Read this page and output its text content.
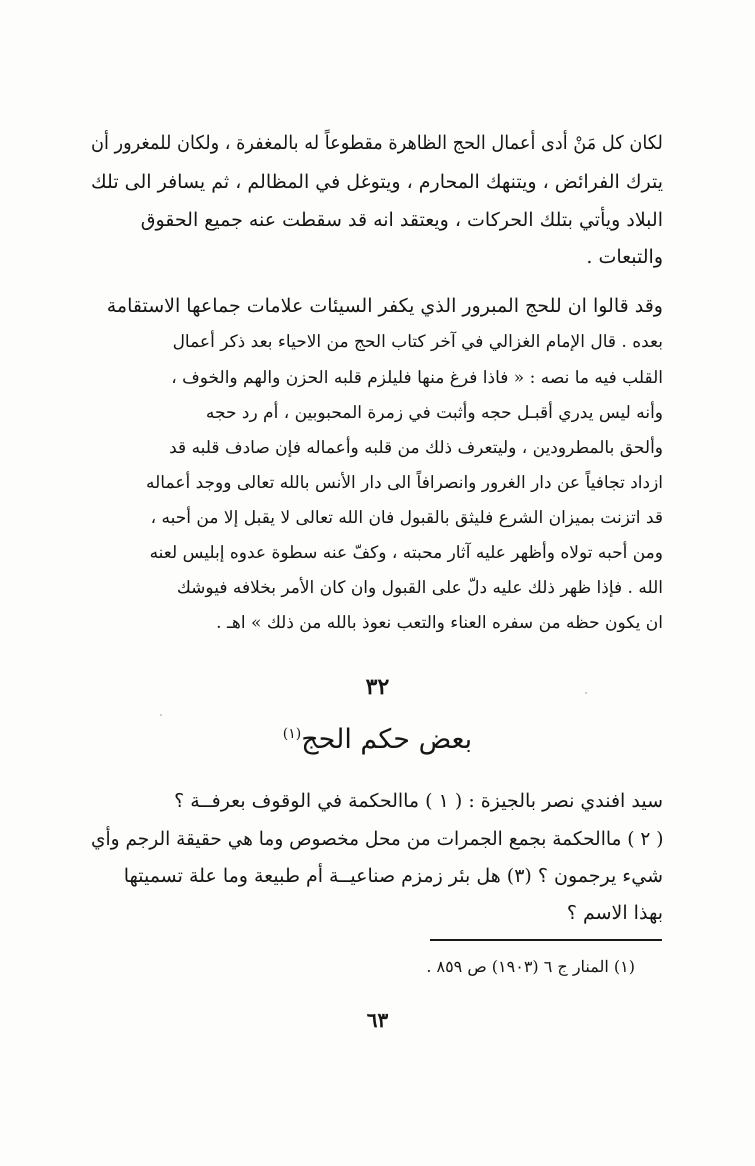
لكان كل مَنْ أدى أعمال الحج الظاهرة مقطوعاً له بالمغفرة ، ولكان للمغرور أن
يترك الفرائض ، ويتنهك المحارم ، ويتوغل في المظالم ، ثم يسافر الى تلك
البلاد ويأتي بتلك الحركات ، ويعتقد انه قد سقطت عنه جميع الحقوق
والتبعات .
وقد قالوا ان للحج المبرور الذي يكفر السيئات علامات جماعها الاستقامة
بعده . قال الإمام الغزالي في آخر كتاب الحج من الاحياء بعد ذكر أعمال
القلب فيه ما نصه : « فاذا فرغ منها فليلزم قلبه الحزن والهم والخوف ،
وأنه ليس يدري أقبـل حجه وأثبت في زمرة المحبوبين ، أم رد حجه
وألحق بالمطرودين ، وليتعرف ذلك من قلبه وأعماله فإن صادف قلبه قد
ازداد تجافياً عن دار الغرور وانصرافاً الى دار الأنس بالله تعالى ووجد أعماله
قد اتزنت بميزان الشرع فليثق بالقبول فان الله تعالى لا يقبل إلا من أحبه ،
ومن أحبه تولاه وأظهر عليه آثار محبته ، وكفّ عنه سطوة عدوه إبليس لعنه
الله . فإذا ظهر ذلك عليه دلّ على القبول وان كان الأمر بخلافه فيوشك
ان يكون حظه من سفره العناء والتعب نعوذ بالله من ذلك » اهـ .
٣٢
بعض حكم الحج$^{(١)}$
سيد افندي نصر بالجيزة : ( ١ ) ماالحكمة في الوقوف بعرفــة ؟
( ٢ ) ماالحكمة بجمع الجمرات من محل مخصوص وما هي حقيقة الرجم وأي
شيء يرجمون ؟ (٣) هل بئر زمزم صناعيــة أم طبيعة وما علة تسميتها
بهذا الاسم ؟
(١) المنار ج ٦ (١٩٠٣) ص ٨٥٩ .
٦٣
